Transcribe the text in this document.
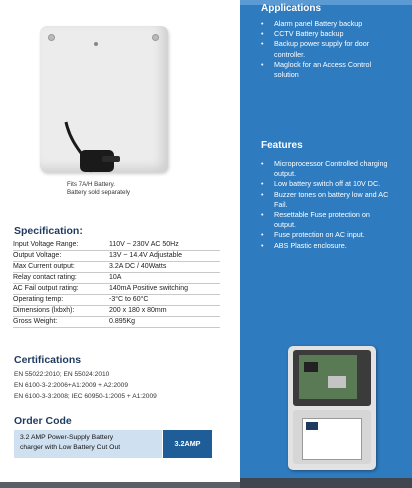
Fits 7A/H Battery.
Battery sold separately
Specification:
Input Voltage Range:	110V ~ 230V AC 50Hz
Output Voltage:	13V ~ 14.4V Adjustable
Max Current output:	3.2A DC / 40Watts
Relay contact rating:	10A
AC Fail output rating:	140mA Positive switching
Operating temp:	-3°C to 60°C
Dimensions (lxbxh):	200 x 180 x 80mm
Gross Weight:	0.895Kg
Certifications
EN 55022:2010; EN 55024:2010
EN 6100-3-2:2006+A1:2009 + A2:2009
EN 6100-3-3:2008; IEC 60950-1:2005 + A1:2009
Order Code
3.2 AMP Power-Supply Battery
charger with Low Battery Cut Out	3.2AMP
Applications
• Alarm panel Battery backup
• CCTV Battery backup
• Backup power supply for door controller.
• Maglock for an Access Control solution
Features
• Microprocessor Controlled charging output.
• Low battery switch off at 10V DC.
• Buzzer tones on battery low and AC Fail.
• Resettable Fuse protection on output.
• Fuse protection on AC input.
• ABS Plastic enclosure.
